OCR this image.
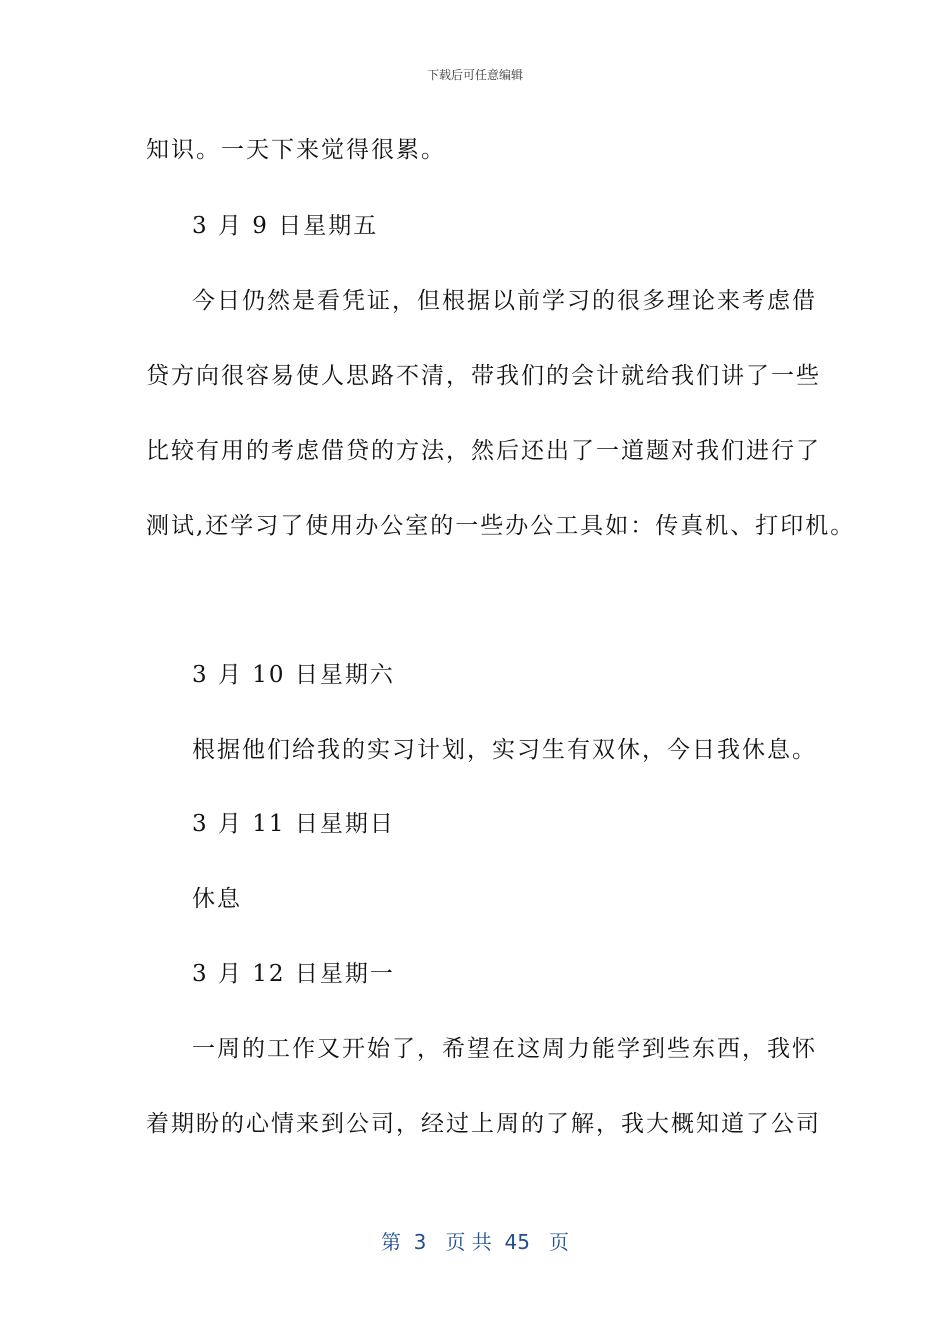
下载后可任意编辑
知识。一天下来觉得很累。
3 月 9 日星期五
今日仍然是看凭证，但根据以前学习的很多理论来考虑借
贷方向很容易使人思路不清，带我们的会计就给我们讲了一些
比较有用的考虑借贷的方法，然后还出了一道题对我们进行了
测试,还学习了使用办公室的一些办公工具如：传真机、打印机。
3 月 10 日星期六
根据他们给我的实习计划，实习生有双休，今日我休息。
3 月 11 日星期日
休息
3 月 12 日星期一
一周的工作又开始了，希望在这周力能学到些东西，我怀
着期盼的心情来到公司，经过上周的了解，我大概知道了公司
第  3   页 共  45   页
